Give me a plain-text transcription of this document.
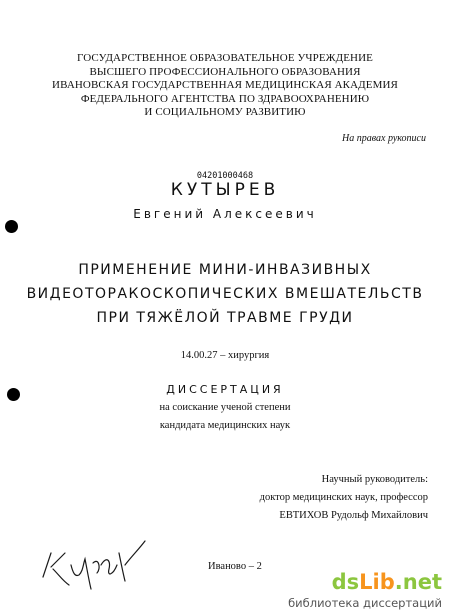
ГОСУДАРСТВЕННОЕ ОБРАЗОВАТЕЛЬНОЕ УЧРЕЖДЕНИЕ
ВЫСШЕГО ПРОФЕССИОНАЛЬНОГО ОБРАЗОВАНИЯ
ИВАНОВСКАЯ ГОСУДАРСТВЕННАЯ МЕДИЦИНСКАЯ АКАДЕМИЯ
ФЕДЕРАЛЬНОГО АГЕНТСТВА ПО ЗДРАВООХРАНЕНИЮ
И СОЦИАЛЬНОМУ РАЗВИТИЮ
На правах рукописи
04201000468
КУТЫРЕВ
Евгений Алексеевич
ПРИМЕНЕНИЕ МИНИ-ИНВАЗИВНЫХ
ВИДЕОТОРАКОСКОПИЧЕСКИХ ВМЕШАТЕЛЬСТВ
ПРИ ТЯЖЁЛОЙ ТРАВМЕ ГРУДИ
14.00.27 – хирургия
ДИССЕРТАЦИЯ
на соискание ученой степени
кандидата медицинских наук
Научный руководитель:
доктор медицинских наук, профессор
ЕВТИХОВ Рудольф Михайлович
Иваново – 2
dsLib.net
библиотека диссертаций
